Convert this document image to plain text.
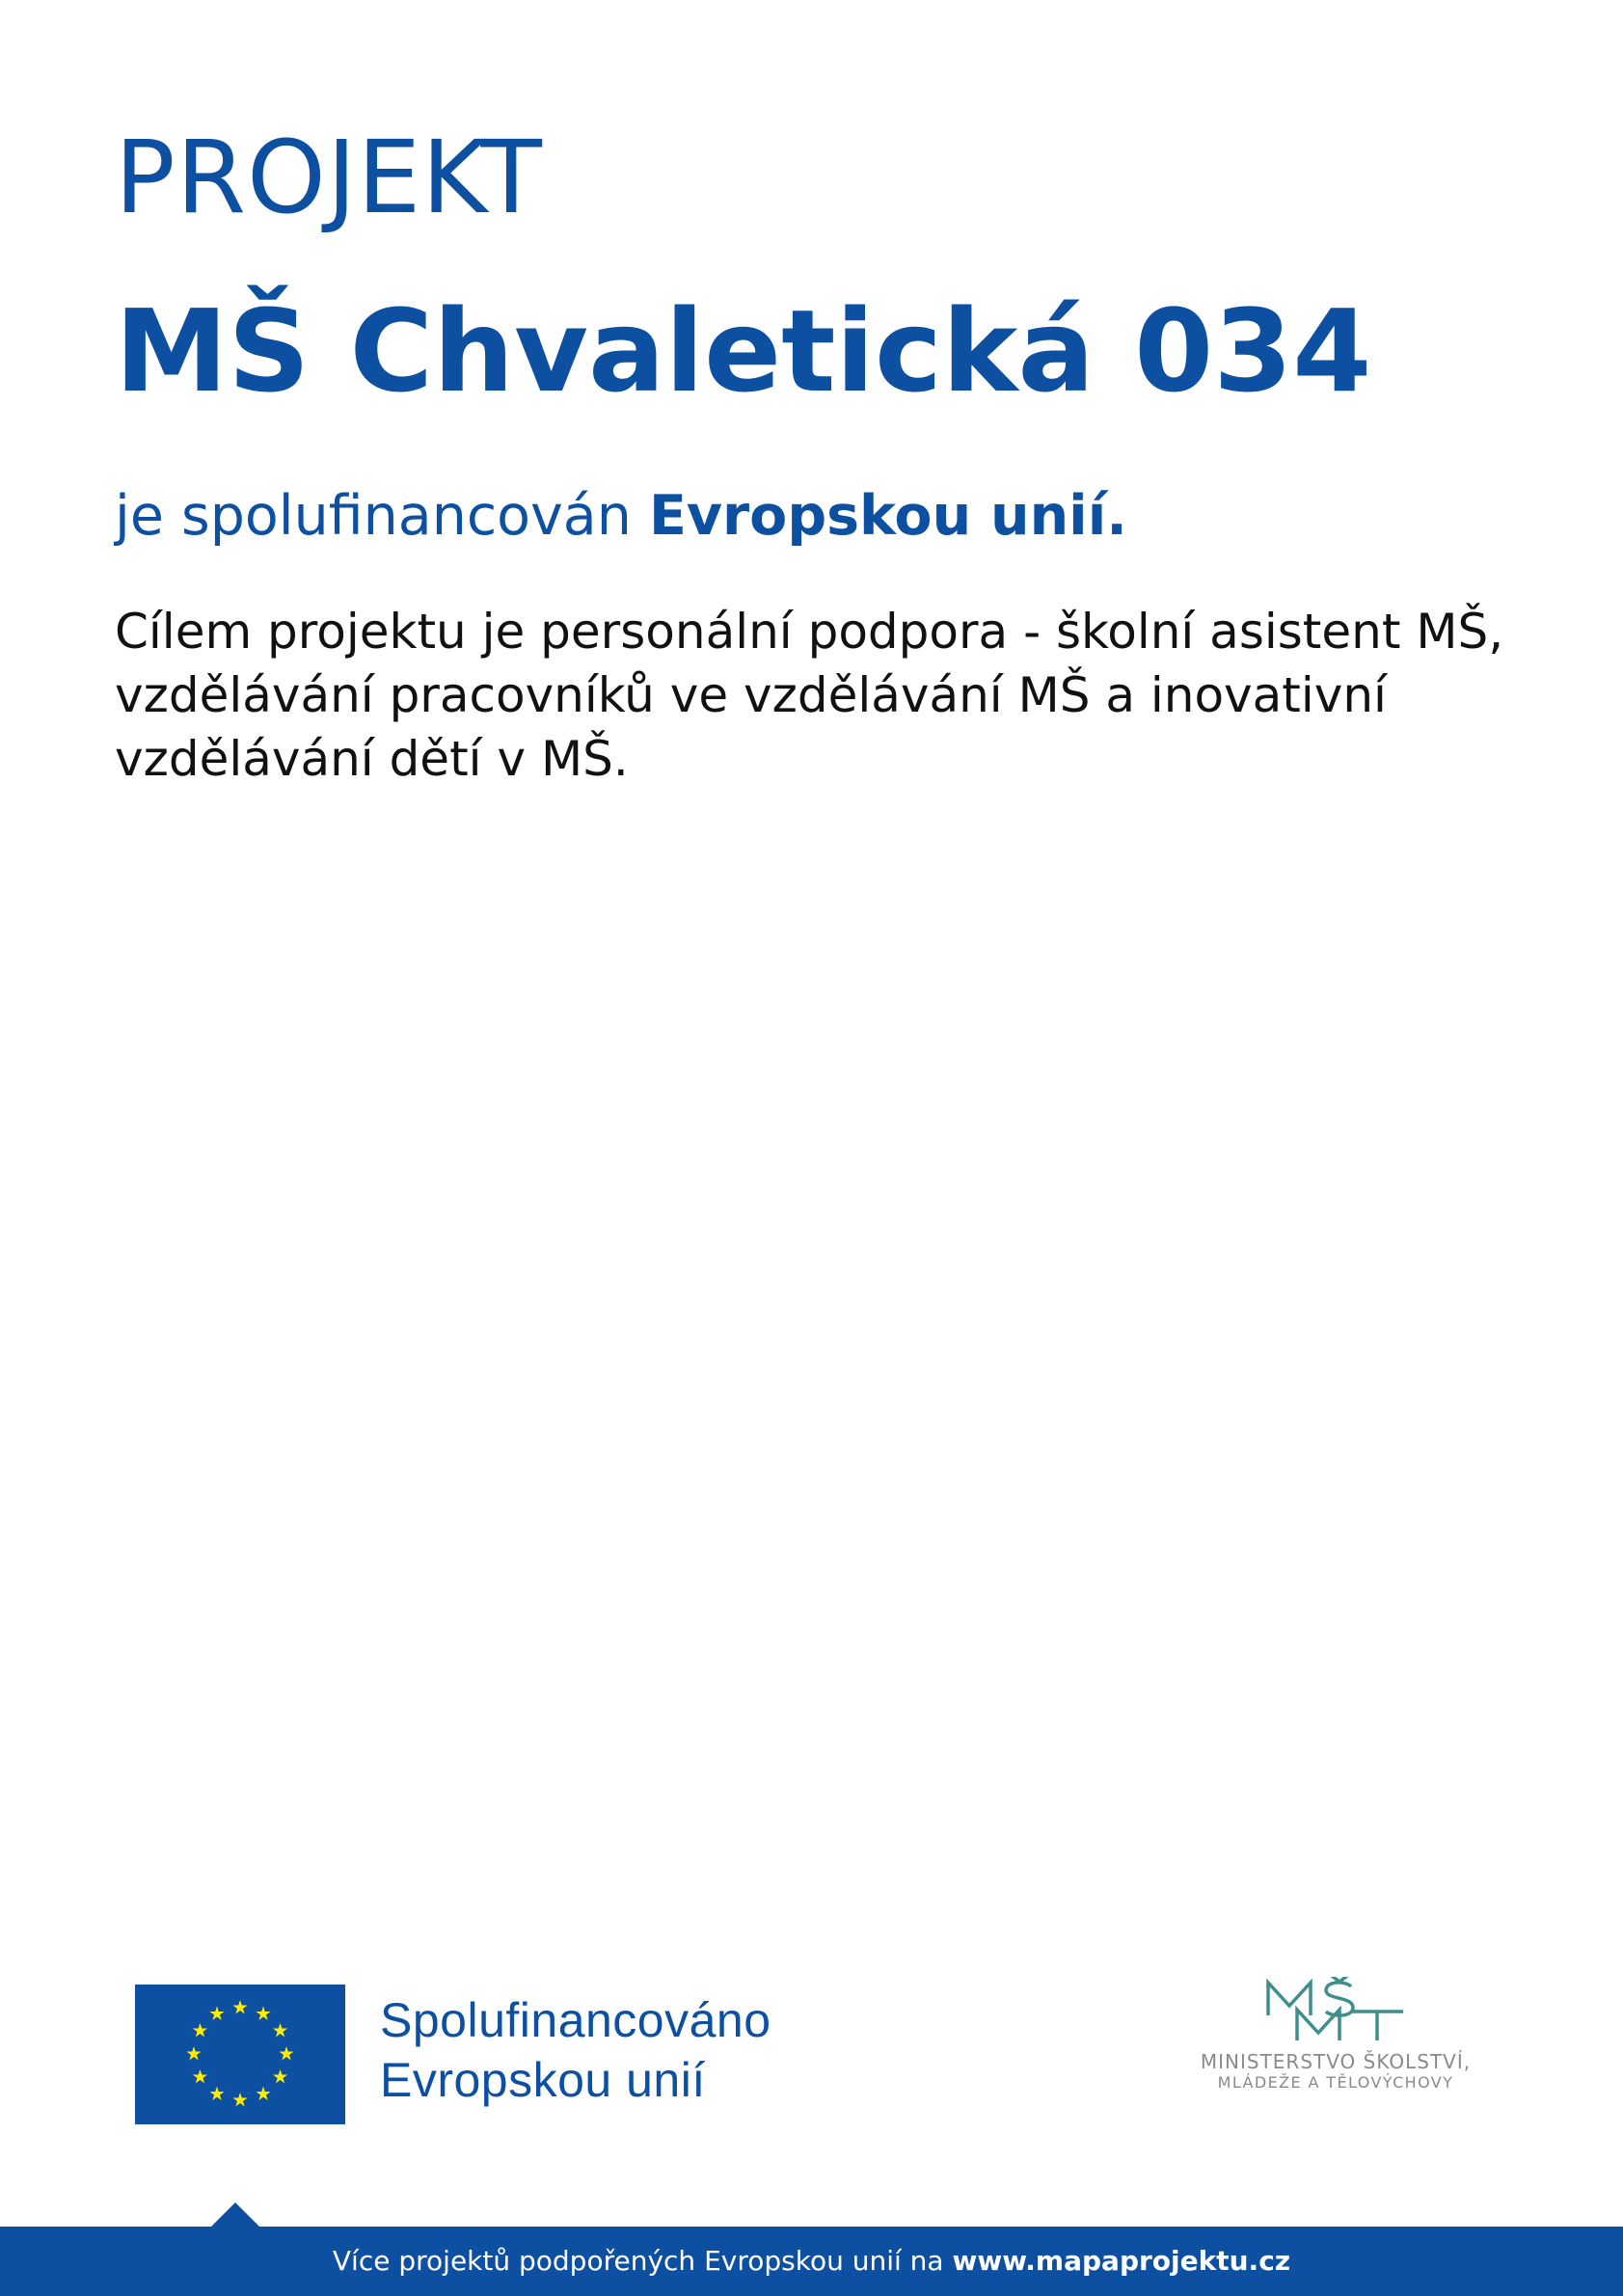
PROJEKT
MŠ Chvaletická 034

je spolufinancován Evropskou unií.

Cílem projektu je personální podpora - školní asistent MŠ, vzdělávání pracovníků ve vzdělávání MŠ a inovativní vzdělávání dětí v MŠ.

Spolufinancováno
Evropskou unií	MINISTERSTVO ŠKOLSTVÍ,
MLÁDEŽE A TĚLOVÝCHOVY
Více projektů podpořených Evropskou unií na www.mapaprojektu.cz
